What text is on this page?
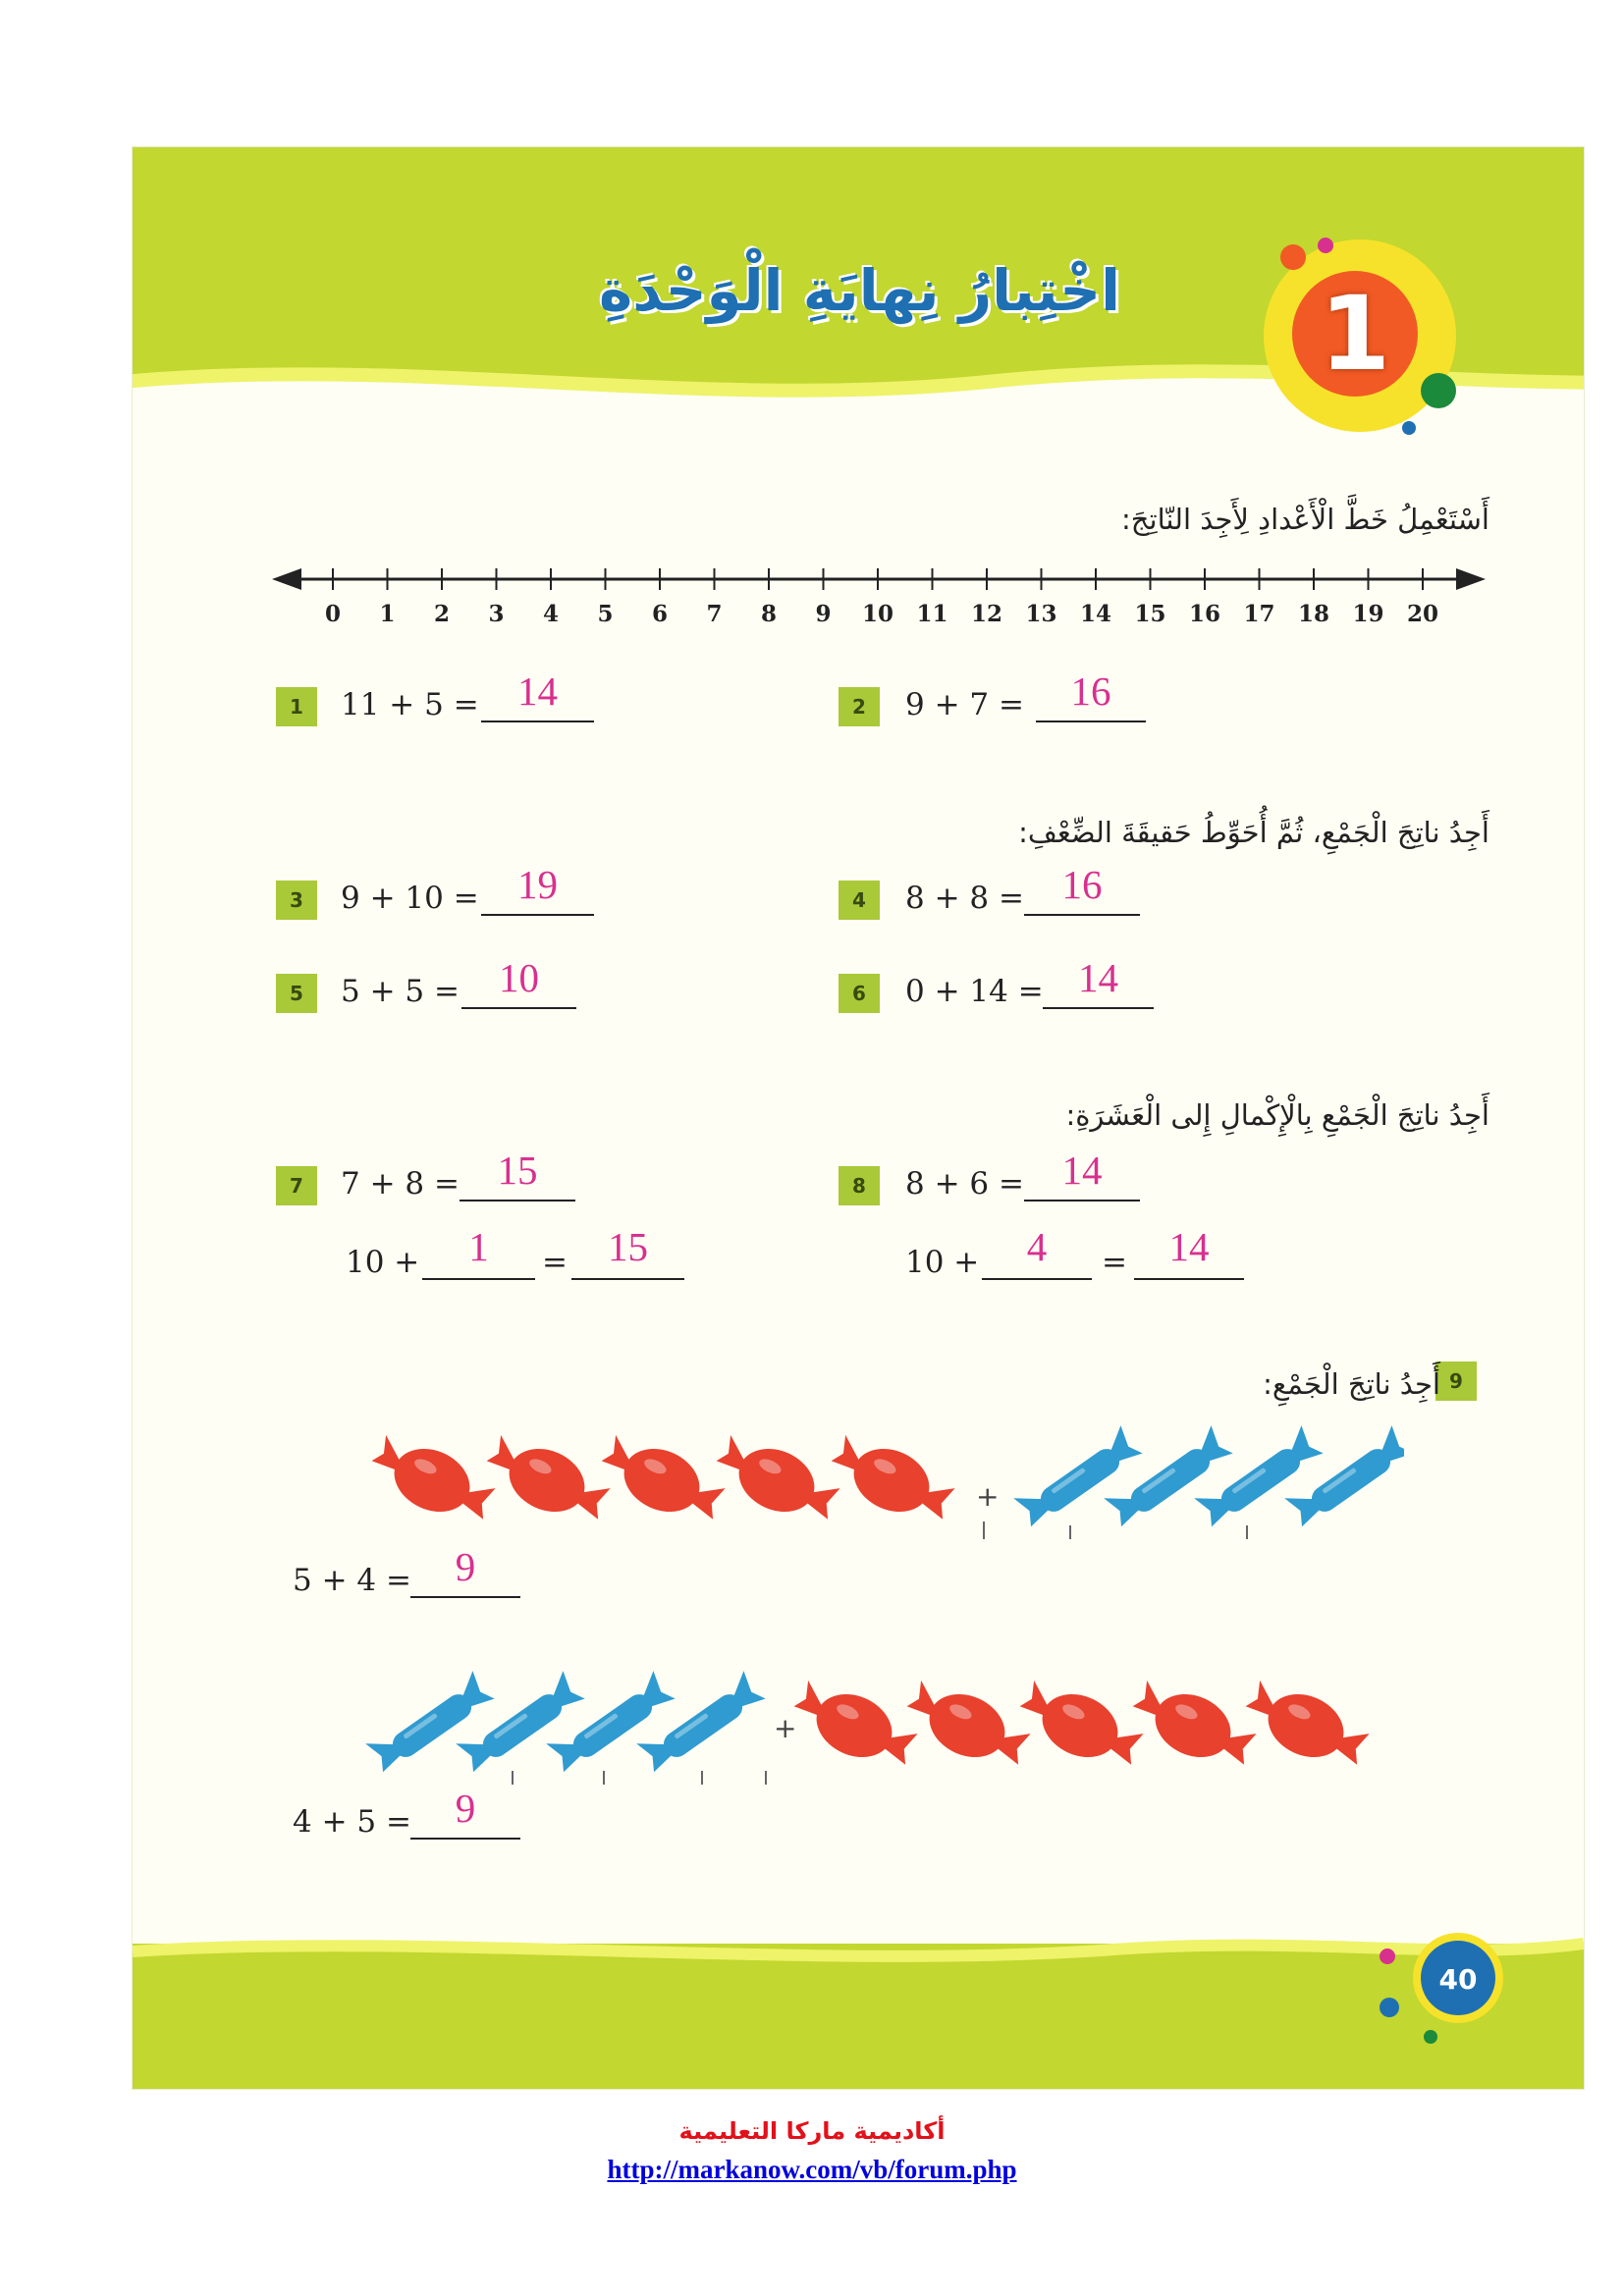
1
اخْتِبارُ نِهايَةِ الْوَحْدَةِ
أَسْتَعْمِلُ خَطَّ الْأَعْدادِ لِأَجِدَ النّاتِجَ:
0 1 2 3 4 5 6 7 8 9 10 11 12 13 14 15 16 17 18 19 20
1	11 + 5 = 14	2	9 + 7 =	16
أَجِدُ ناتِجَ الْجَمْعِ، ثُمَّ أُحَوِّطُ حَقيقَةَ الضِّعْفِ:
3	9 + 10 = 19	4	8 + 8 = 16
5	5 + 5 = 10	6	0 + 14 = 14
أَجِدُ ناتِجَ الْجَمْعِ بِالْإِكْمالِ إِلى الْعَشَرَةِ:
7	7 + 8 = 15
10 +	1	=	15
8	8 + 6 = 14
10 +	4	=	14
9
أَجِدُ ناتِجَ الْجَمْعِ:
+
5 + 4 =	9
+
4 + 5 =	9
40
أكاديمية ماركا التعليمية
http://markanow.com/vb/forum.php
